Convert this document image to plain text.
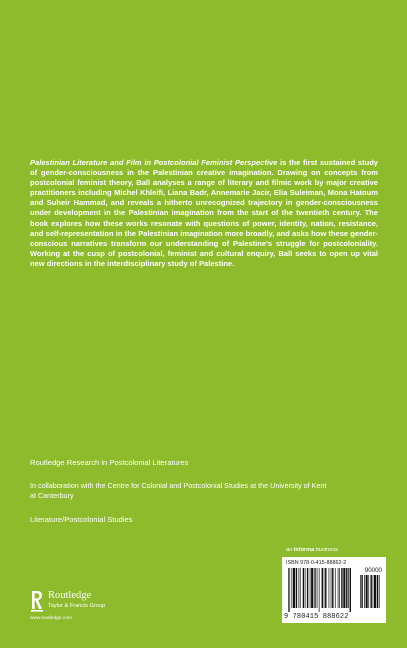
Palestinian Literature and Film in Postcolonial Feminist Perspective is the first sustained study of gender-consciousness in the Palestinian creative imagination. Drawing on concepts from postcolonial feminist theory, Ball analyses a range of literary and filmic work by major creative practitioners including Michel Khleifi, Liana Badr, Annemarie Jacir, Elia Suleiman, Mona Hatoum and Suheir Hammad, and reveals a hitherto unrecognized trajectory in gender-consciousness under development in the Palestinian imagination from the start of the twentieth century. The book explores how these works resonate with questions of power, identity, nation, resistance, and self-representation in the Palestinian imagination more broadly, and asks how these gender-conscious narratives transform our understanding of Palestine's struggle for postcoloniality. Working at the cusp of postcolonial, feminist and cultural enquiry, Ball seeks to open up vital new directions in the interdisciplinary study of Palestine.

Routledge Research in Postcolonial Literatures

In collaboration with the Centre for Colonial and Postcolonial Studies at the University of Kent at Canterbury

Literature/Postcolonial Studies

an informa business
Routledge
Taylor & Francis Group
www.routledge.com
ISBN 978-0-415-88862-2
90000
9 780415 888622
